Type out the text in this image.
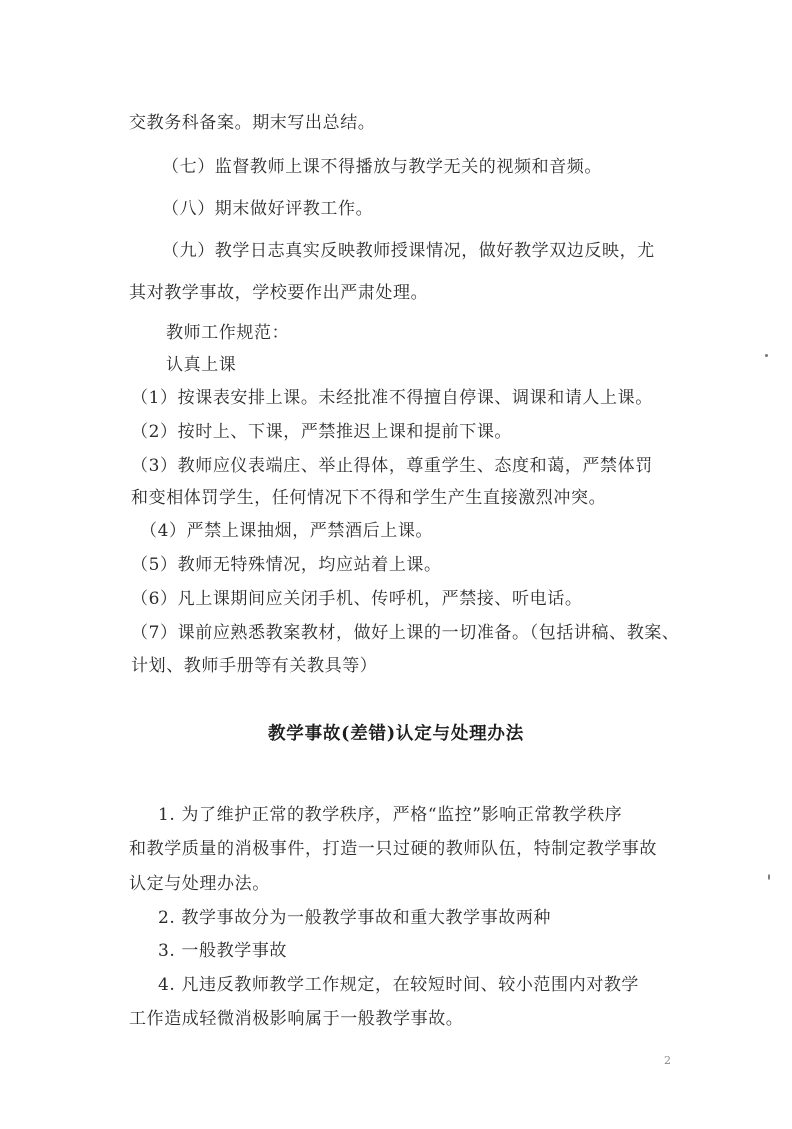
交教务科备案。期末写出总结。
（七）监督教师上课不得播放与教学无关的视频和音频。
（八）期末做好评教工作。
（九）教学日志真实反映教师授课情况，做好教学双边反映，尤
其对教学事故，学校要作出严肃处理。
教师工作规范：
认真上课
（1）按课表安排上课。未经批准不得擅自停课、调课和请人上课。
（2）按时上、下课，严禁推迟上课和提前下课。
（3）教师应仪表端庄、举止得体，尊重学生、态度和蔼，严禁体罚
和变相体罚学生，任何情况下不得和学生产生直接激烈冲突。
（4）严禁上课抽烟，严禁酒后上课。
（5）教师无特殊情况，均应站着上课。
（6）凡上课期间应关闭手机、传呼机，严禁接、听电话。
（7）课前应熟悉教案教材，做好上课的一切准备。（包括讲稿、教案、
计划、教师手册等有关教具等）
教学事故(差错)认定与处理办法
1. 为了维护正常的教学秩序，严格“监控”影响正常教学秩序
和教学质量的消极事件，打造一只过硬的教师队伍，特制定教学事故
认定与处理办法。
2. 教学事故分为一般教学事故和重大教学事故两种
3. 一般教学事故
4. 凡违反教师教学工作规定，在较短时间、较小范围内对教学
工作造成轻微消极影响属于一般教学事故。
2
